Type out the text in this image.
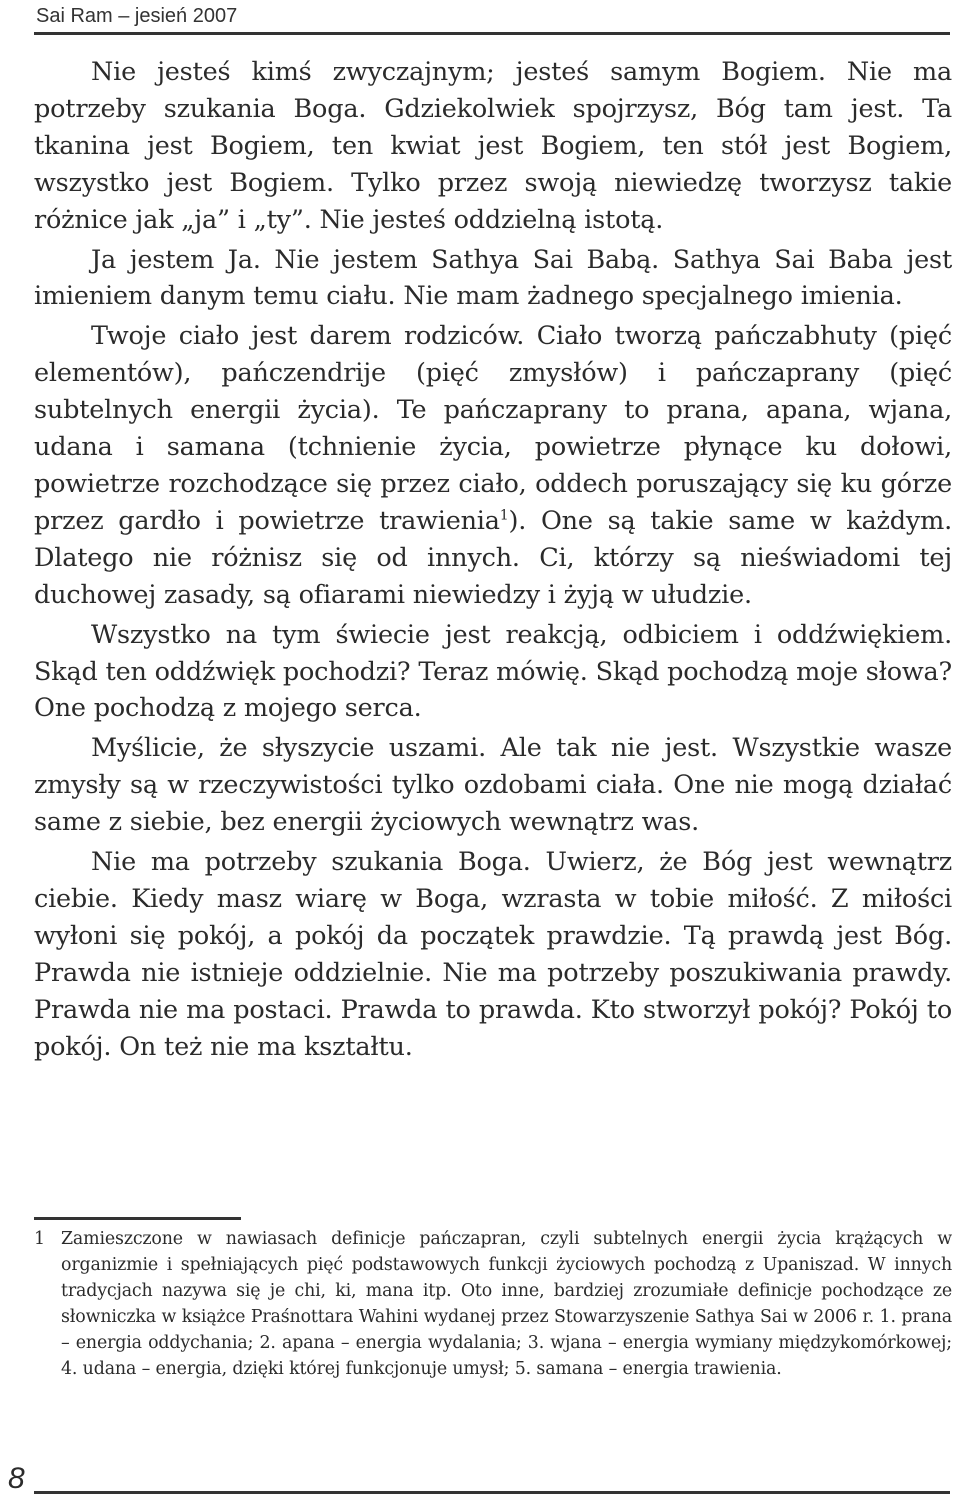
Sai Ram – jesień 2007

Nie jesteś kimś zwyczajnym; jesteś samym Bogiem. Nie ma potrzeby szukania Boga. Gdziekolwiek spojrzysz, Bóg tam jest. Ta tkanina jest Bogiem, ten kwiat jest Bogiem, ten stół jest Bogiem, wszystko jest Bogiem. Tylko przez swoją niewiedzę tworzysz takie różnice jak „ja” i „ty”. Nie jesteś oddzielną istotą.

Ja jestem Ja. Nie jestem Sathya Sai Babą. Sathya Sai Baba jest imieniem danym temu ciału. Nie mam żadnego specjalnego imienia.

Twoje ciało jest darem rodziców. Ciało tworzą pańczabhuty (pięć elementów), pańczendrije (pięć zmysłów) i pańczaprany (pięć subtelnych energii życia). Te pańczaprany to prana, apana, wjana, udana i samana (tchnienie życia, powietrze płynące ku dołowi, powietrze rozchodzące się przez ciało, oddech poruszający się ku górze przez gardło i powietrze trawienia$^1$). One są takie same w każdym. Dlatego nie różnisz się od innych. Ci, którzy są nieświadomi tej duchowej zasady, są ofiarami niewiedzy i żyją w ułudzie.

Wszystko na tym świecie jest reakcją, odbiciem i oddźwiękiem. Skąd ten oddźwięk pochodzi? Teraz mówię. Skąd pochodzą moje słowa? One pochodzą z mojego serca.

Myślicie, że słyszycie uszami. Ale tak nie jest. Wszystkie wasze zmysły są w rzeczywistości tylko ozdobami ciała. One nie mogą działać same z siebie, bez energii życiowych wewnątrz was.

Nie ma potrzeby szukania Boga. Uwierz, że Bóg jest wewnątrz ciebie. Kiedy masz wiarę w Boga, wzrasta w tobie miłość. Z miłości wyłoni się pokój, a pokój da początek prawdzie. Tą prawdą jest Bóg. Prawda nie istnieje oddzielnie. Nie ma potrzeby poszukiwania prawdy. Prawda nie ma postaci. Prawda to prawda. Kto stworzył pokój? Pokój to pokój. On też nie ma kształtu.

1 Zamieszczone w nawiasach definicje pańczapran, czyli subtelnych energii życia krążących w organizmie i spełniających pięć podstawowych funkcji życiowych pochodzą z Upaniszad. W innych tradycjach nazywa się je chi, ki, mana itp. Oto inne, bardziej zrozumiałe definicje pochodzące ze słowniczka w książce Praśnottara Wahini wydanej przez Stowarzyszenie Sathya Sai w 2006 r. 1. prana – energia oddychania; 2. apana – energia wydalania; 3. wjana – energia wymiany międzykomórkowej; 4. udana – energia, dzięki której funkcjonuje umysł; 5. samana – energia trawienia.
8
